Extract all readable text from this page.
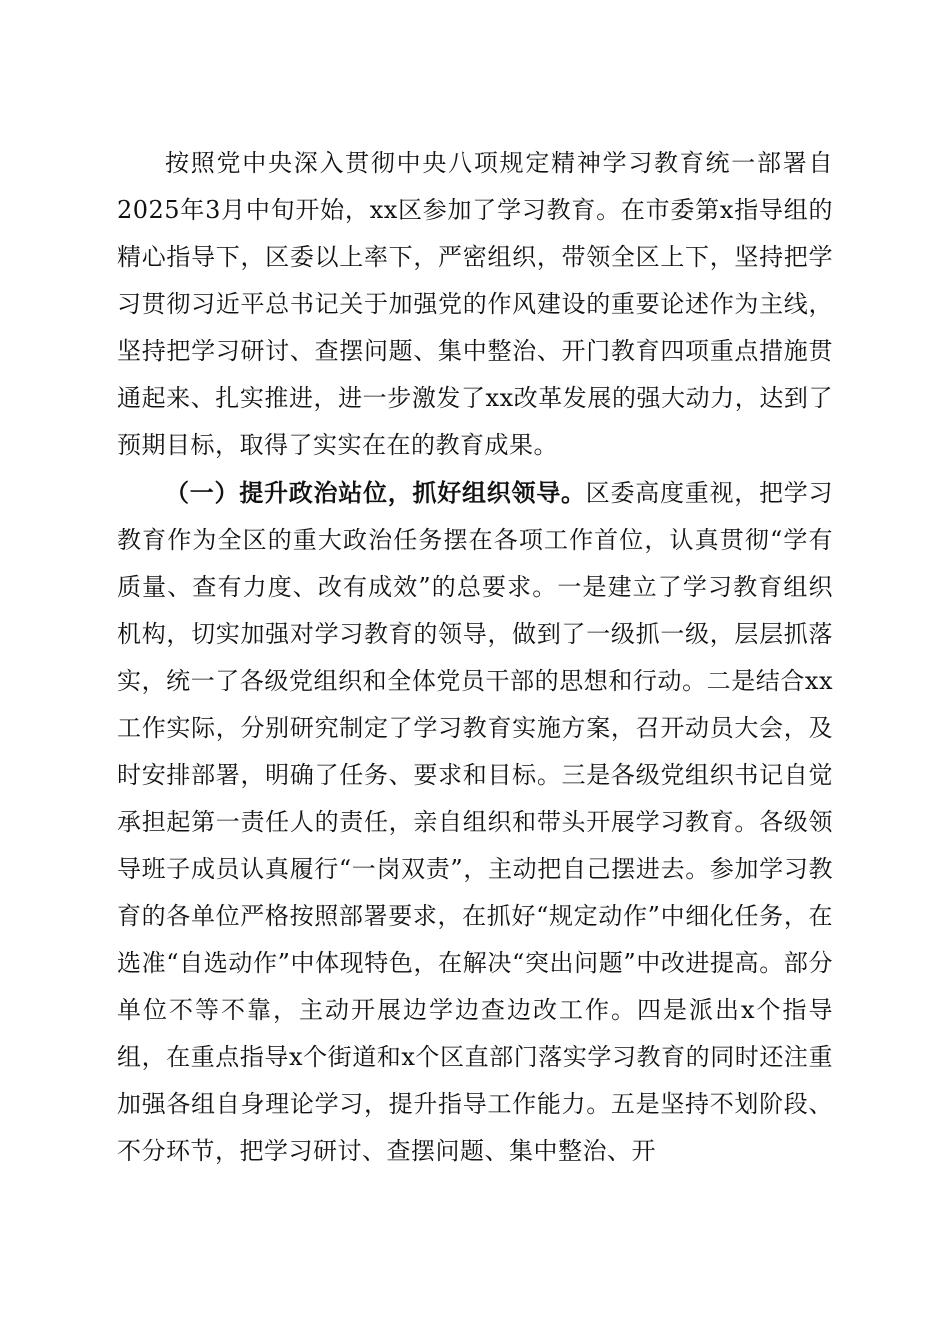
按照党中央深入贯彻中央八项规定精神学习教育统一部署自2025年3月中旬开始，xx区参加了学习教育。在市委第x指导组的精心指导下，区委以上率下，严密组织，带领全区上下，坚持把学习贯彻习近平总书记关于加强党的作风建设的重要论述作为主线，坚持把学习研讨、查摆问题、集中整治、开门教育四项重点措施贯通起来、扎实推进，进一步激发了xx改革发展的强大动力，达到了预期目标，取得了实实在在的教育成果。

（一）提升政治站位，抓好组织领导。区委高度重视，把学习教育作为全区的重大政治任务摆在各项工作首位，认真贯彻“学有质量、查有力度、改有成效”的总要求。一是建立了学习教育组织机构，切实加强对学习教育的领导，做到了一级抓一级，层层抓落实，统一了各级党组织和全体党员干部的思想和行动。二是结合xx工作实际，分别研究制定了学习教育实施方案，召开动员大会，及时安排部署，明确了任务、要求和目标。三是各级党组织书记自觉承担起第一责任人的责任，亲自组织和带头开展学习教育。各级领导班子成员认真履行“一岗双责”，主动把自己摆进去。参加学习教育的各单位严格按照部署要求，在抓好“规定动作”中细化任务，在选准“自选动作”中体现特色，在解决“突出问题”中改进提高。部分单位不等不靠，主动开展边学边查边改工作。四是派出x个指导组，在重点指导x个街道和x个区直部门落实学习教育的同时还注重加强各组自身理论学习，提升指导工作能力。五是坚持不划阶段、不分环节，把学习研讨、查摆问题、集中整治、开
